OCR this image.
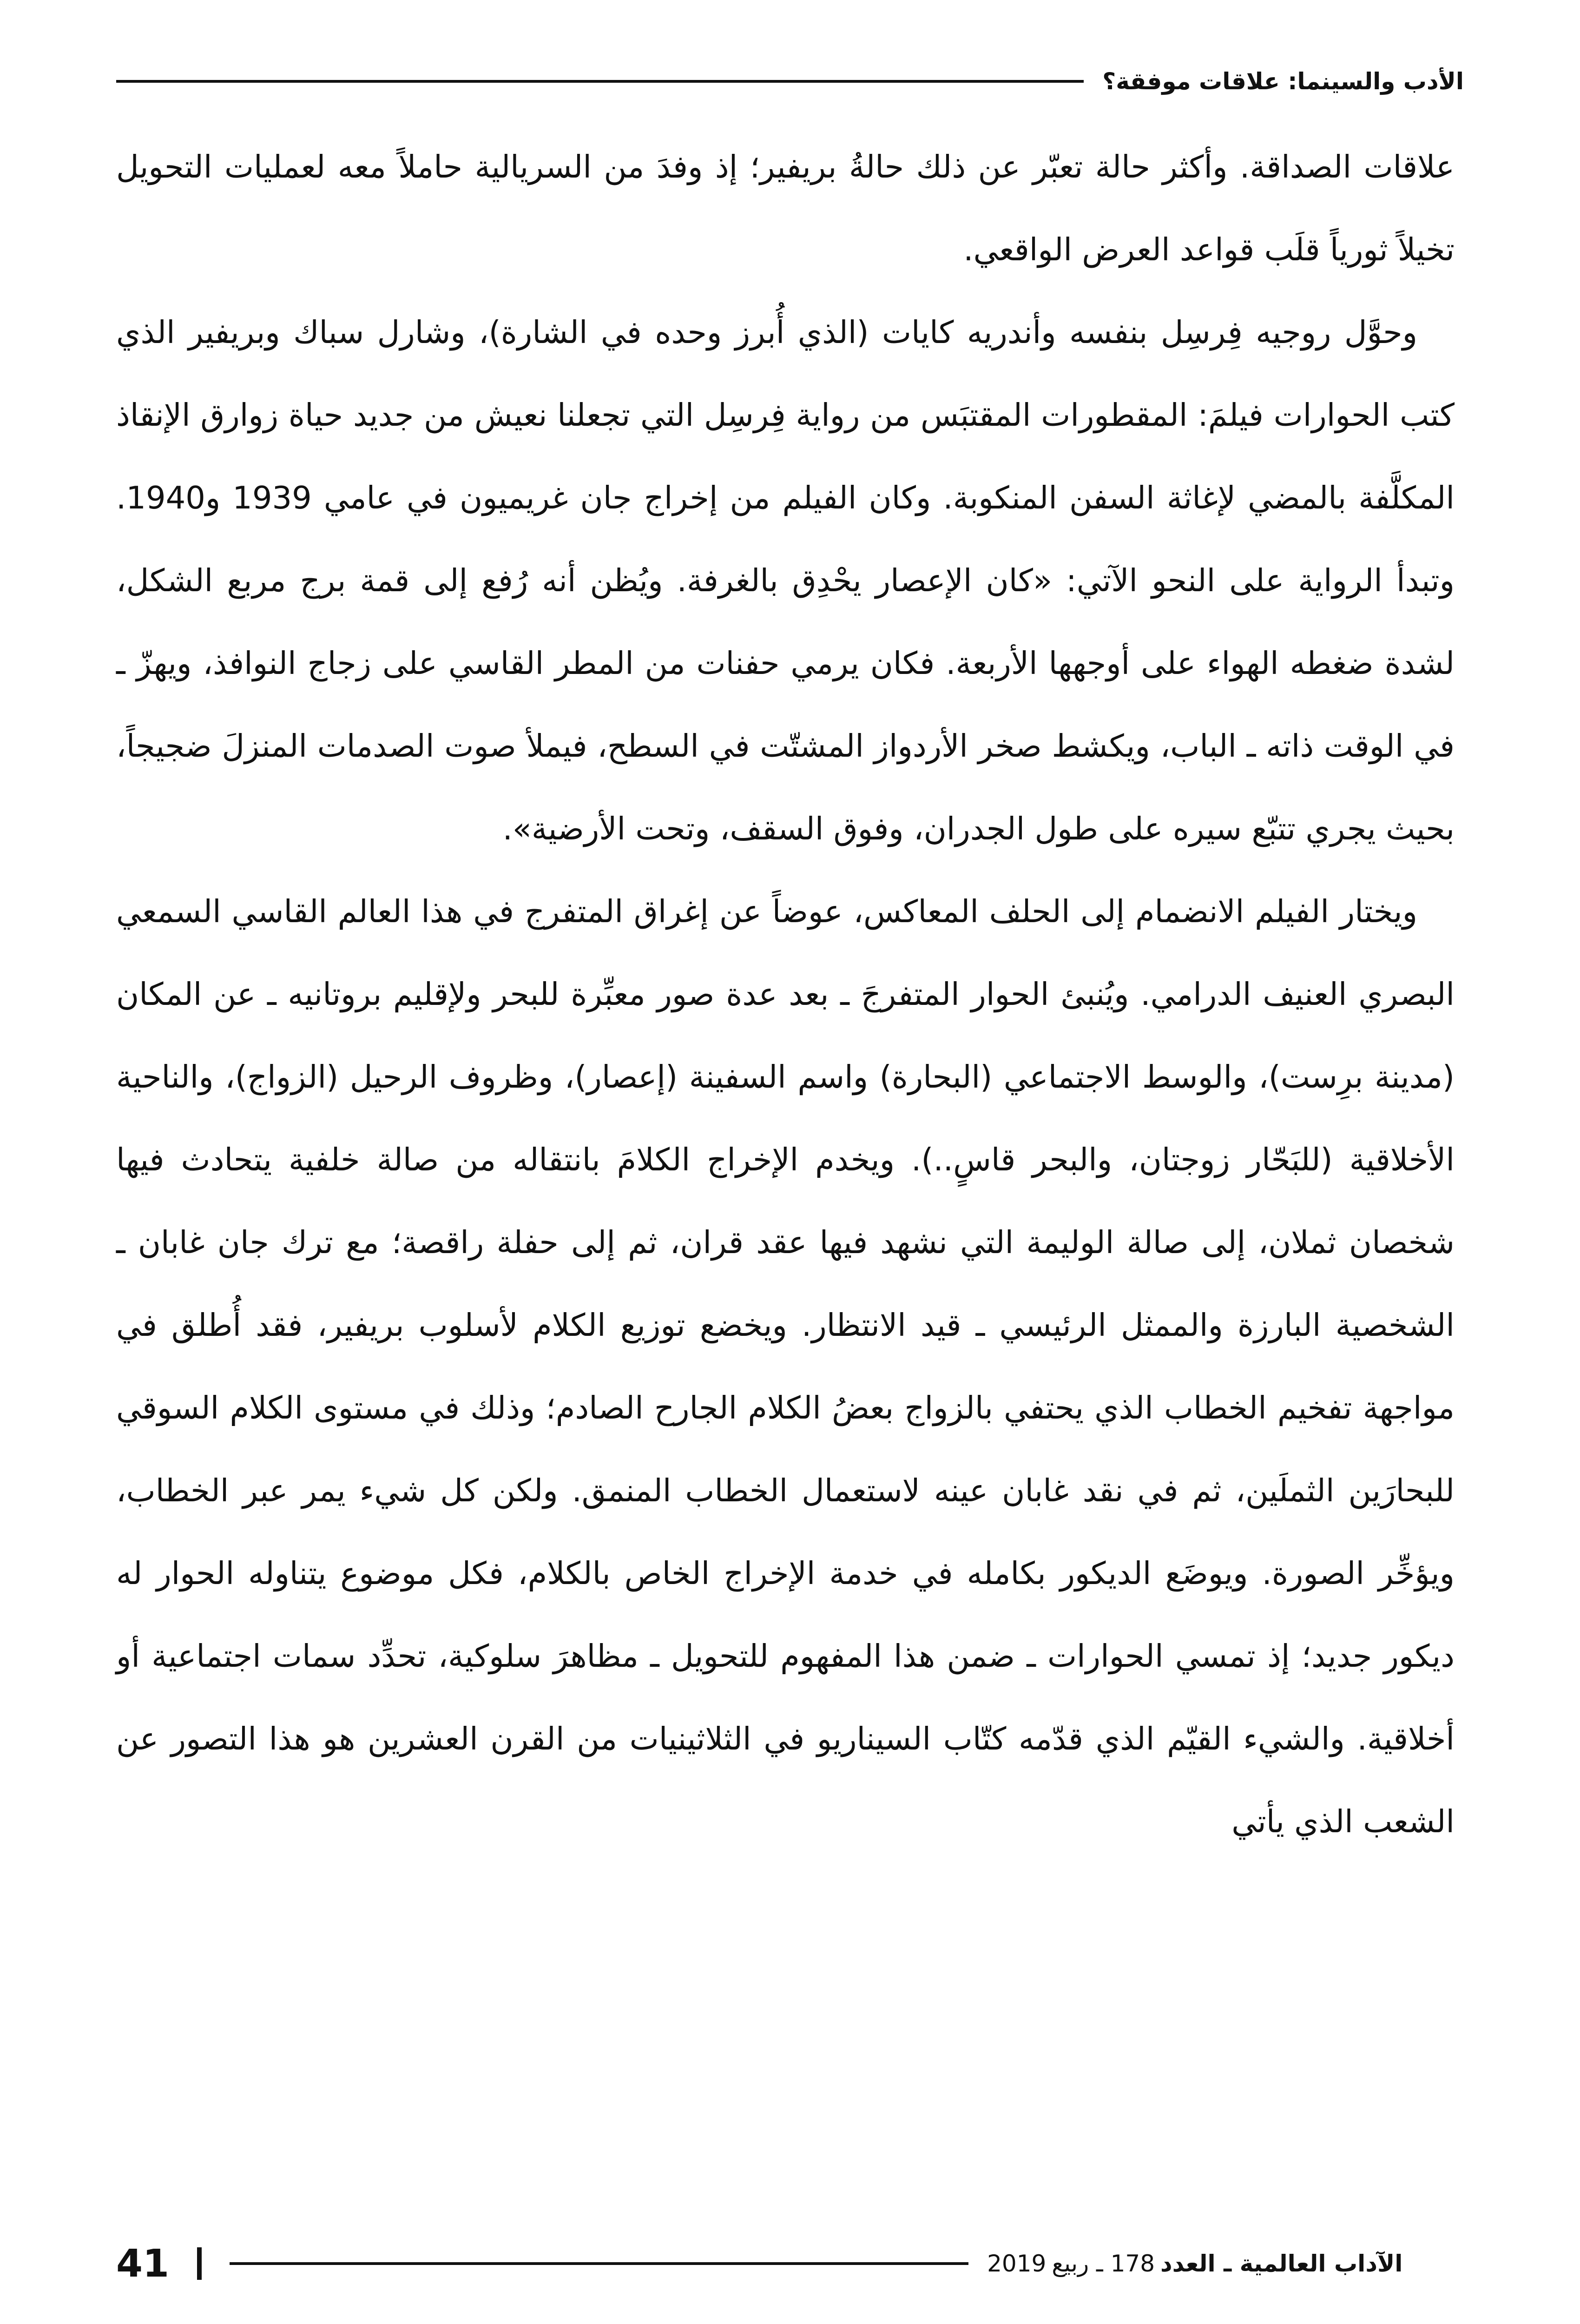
الأدب والسينما: علاقات موفقة؟

علاقات الصداقة. وأكثر حالة تعبّر عن ذلك حالةُ بريفير؛ إذ وفدَ من السريالية حاملاً معه لعمليات التحويل تخيلاً ثورياً قلَب قواعد العرض الواقعي.

وحوَّل روجيه فِرسِل بنفسه وأندريه كايات (الذي أُبرز وحده في الشارة)، وشارل سباك وبريفير الذي كتب الحوارات فيلمَ: المقطورات المقتبَس من رواية فِرسِل التي تجعلنا نعيش من جديد حياة زوارق الإنقاذ المكلَّفة بالمضي لإغاثة السفن المنكوبة. وكان الفيلم من إخراج جان غريميون في عامي 1939 و1940. وتبدأ الرواية على النحو الآتي: «كان الإعصار يحْدِق بالغرفة. ويُظن أنه رُفع إلى قمة برج مربع الشكل، لشدة ضغطه الهواء على أوجهها الأربعة. فكان يرمي حفنات من المطر القاسي على زجاج النوافذ، ويهزّ ـ في الوقت ذاته ـ الباب، ويكشط صخر الأردواز المشتّت في السطح، فيملأ صوت الصدمات المنزلَ ضجيجاً، بحيث يجري تتبّع سيره على طول الجدران، وفوق السقف، وتحت الأرضية».

ويختار الفيلم الانضمام إلى الحلف المعاكس، عوضاً عن إغراق المتفرج في هذا العالم القاسي السمعي البصري العنيف الدرامي. ويُنبئ الحوار المتفرجَ ـ بعد عدة صور معبِّرة للبحر ولإقليم بروتانيه ـ عن المكان (مدينة برِست)، والوسط الاجتماعي (البحارة) واسم السفينة (إعصار)، وظروف الرحيل (الزواج)، والناحية الأخلاقية (للبَحّار زوجتان، والبحر قاسٍ..). ويخدم الإخراج الكلامَ بانتقاله من صالة خلفية يتحادث فيها شخصان ثملان، إلى صالة الوليمة التي نشهد فيها عقد قران، ثم إلى حفلة راقصة؛ مع ترك جان غابان ـ الشخصية البارزة والممثل الرئيسي ـ قيد الانتظار. ويخضع توزيع الكلام لأسلوب بريفير، فقد أُطلق في مواجهة تفخيم الخطاب الذي يحتفي بالزواج بعضُ الكلام الجارح الصادم؛ وذلك في مستوى الكلام السوقي للبحارَين الثملَين، ثم في نقد غابان عينه لاستعمال الخطاب المنمق. ولكن كل شيء يمر عبر الخطاب، ويؤخِّر الصورة. ويوضَع الديكور بكامله في خدمة الإخراج الخاص بالكلام، فكل موضوع يتناوله الحوار له ديكور جديد؛ إذ تمسي الحوارات ـ ضمن هذا المفهوم للتحويل ـ مظاهرَ سلوكية، تحدِّد سمات اجتماعية أو أخلاقية. والشيء القيّم الذي قدّمه كتّاب السيناريو في الثلاثينيات من القرن العشرين هو هذا التصور عن الشعب الذي يأتي

41	الآداب العالمية ـ العدد
178 ـ ربيع
2019
